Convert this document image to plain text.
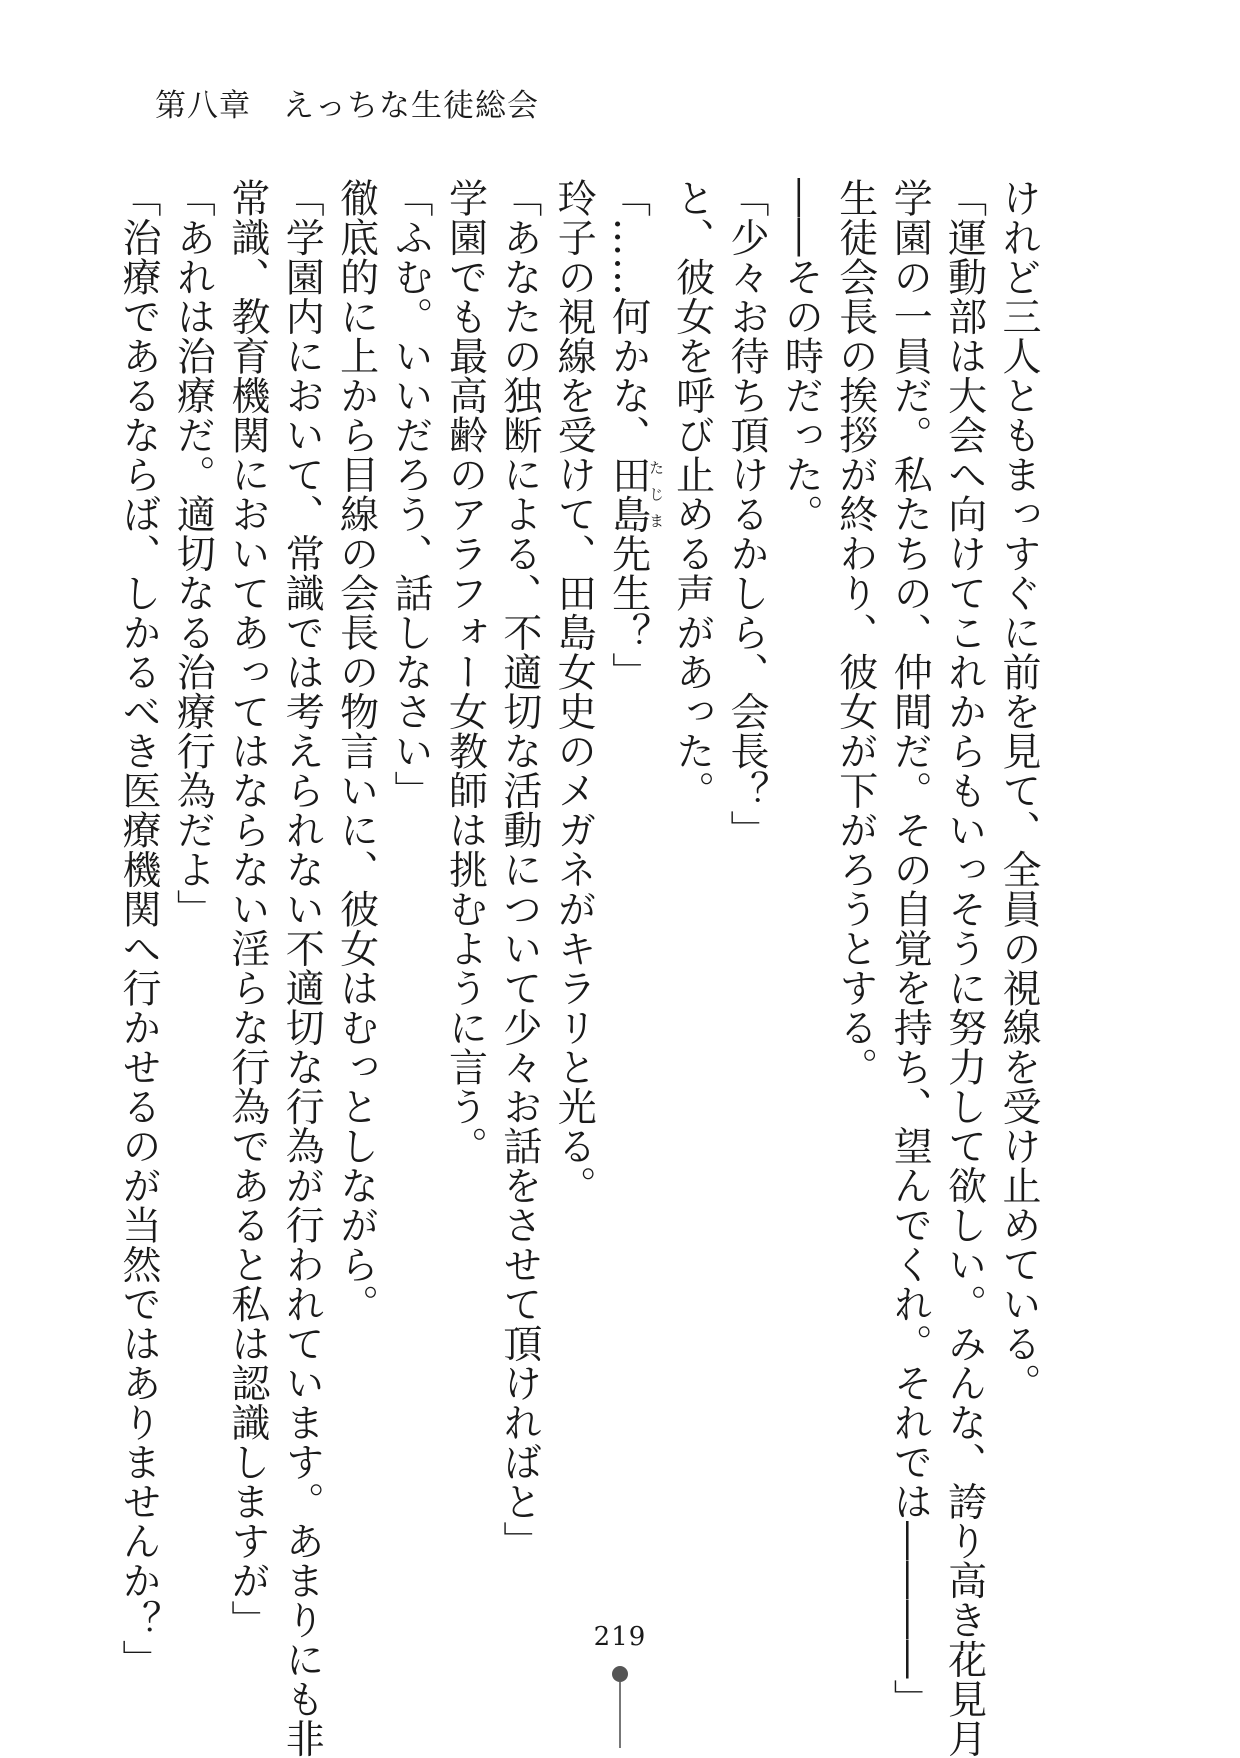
第八章　えっちな生徒総会
けれど三人ともまっすぐに前を見て、全員の視線を受け止めている。
「運動部は大会へ向けてこれからもいっそうに努力して欲しい。みんな、誇り高き花見月
学園の一員だ。私たちの、仲間だ。その自覚を持ち、望んでくれ。それでは――――」
生徒会長の挨拶が終わり、彼女が下がろうとする。
――その時だった。
「少々お待ち頂けるかしら、会長？」
と、彼女を呼び止める声があった。
「……何かな、田島たじま先生？」
玲子の視線を受けて、田島女史のメガネがキラリと光る。
「あなたの独断による、不適切な活動について少々お話をさせて頂ければと」
学園でも最高齢のアラフォー女教師は挑むように言う。
「ふむ。いいだろう、話しなさい」
徹底的に上から目線の会長の物言いに、彼女はむっとしながら。
「学園内において、常識では考えられない不適切な行為が行われています。あまりにも非
常識、教育機関においてあってはならない淫らな行為であると私は認識しますが」
「あれは治療だ。適切なる治療行為だよ」
「治療であるならば、しかるべき医療機関へ行かせるのが当然ではありませんか？」	219
